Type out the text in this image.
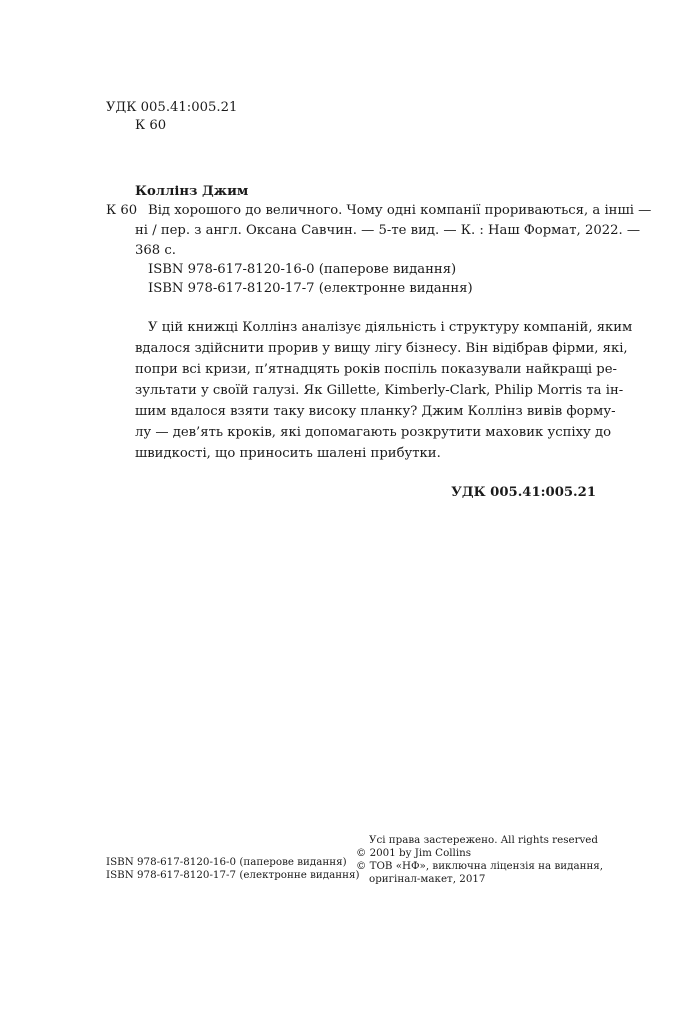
УДК 005.41:005.21
К 60
Коллінз Джим
К 60 Від хорошого до величного. Чому одні компанії прориваються, а інші —
ні / пер. з англ. Оксана Савчин. — 5-те вид. — К. : Наш Формат, 2022. —
368 с.
ISBN 978-617-8120-16-0 (паперове видання)
ISBN 978-617-8120-17-7 (електронне видання)
У цій книжці Коллінз аналізує діяльність і структуру компаній, яким
вдалося здійснити прорив у вищу лігу бізнесу. Він відібрав фірми, які,
попри всі кризи, п’ятнадцять років поспіль показували найкращі ре-
зультати у своїй галузі. Як Gillette, Kimberly-Clark, Philip Morris та ін-
шим вдалося взяти таку високу планку? Джим Коллінз вивів форму-
лу — дев’ять кроків, які допомагають розкрутити маховик успіху до
швидкості, що приносить шалені прибутки.
УДК 005.41:005.21
ISBN 978-617-8120-16-0 (паперове видання)
ISBN 978-617-8120-17-7 (електронне видання)
Усі права застережено. All rights reserved
© 2001 by Jim Collins
© ТОВ «НФ», виключна ліцензія на видання,
оригінал-макет, 2017
